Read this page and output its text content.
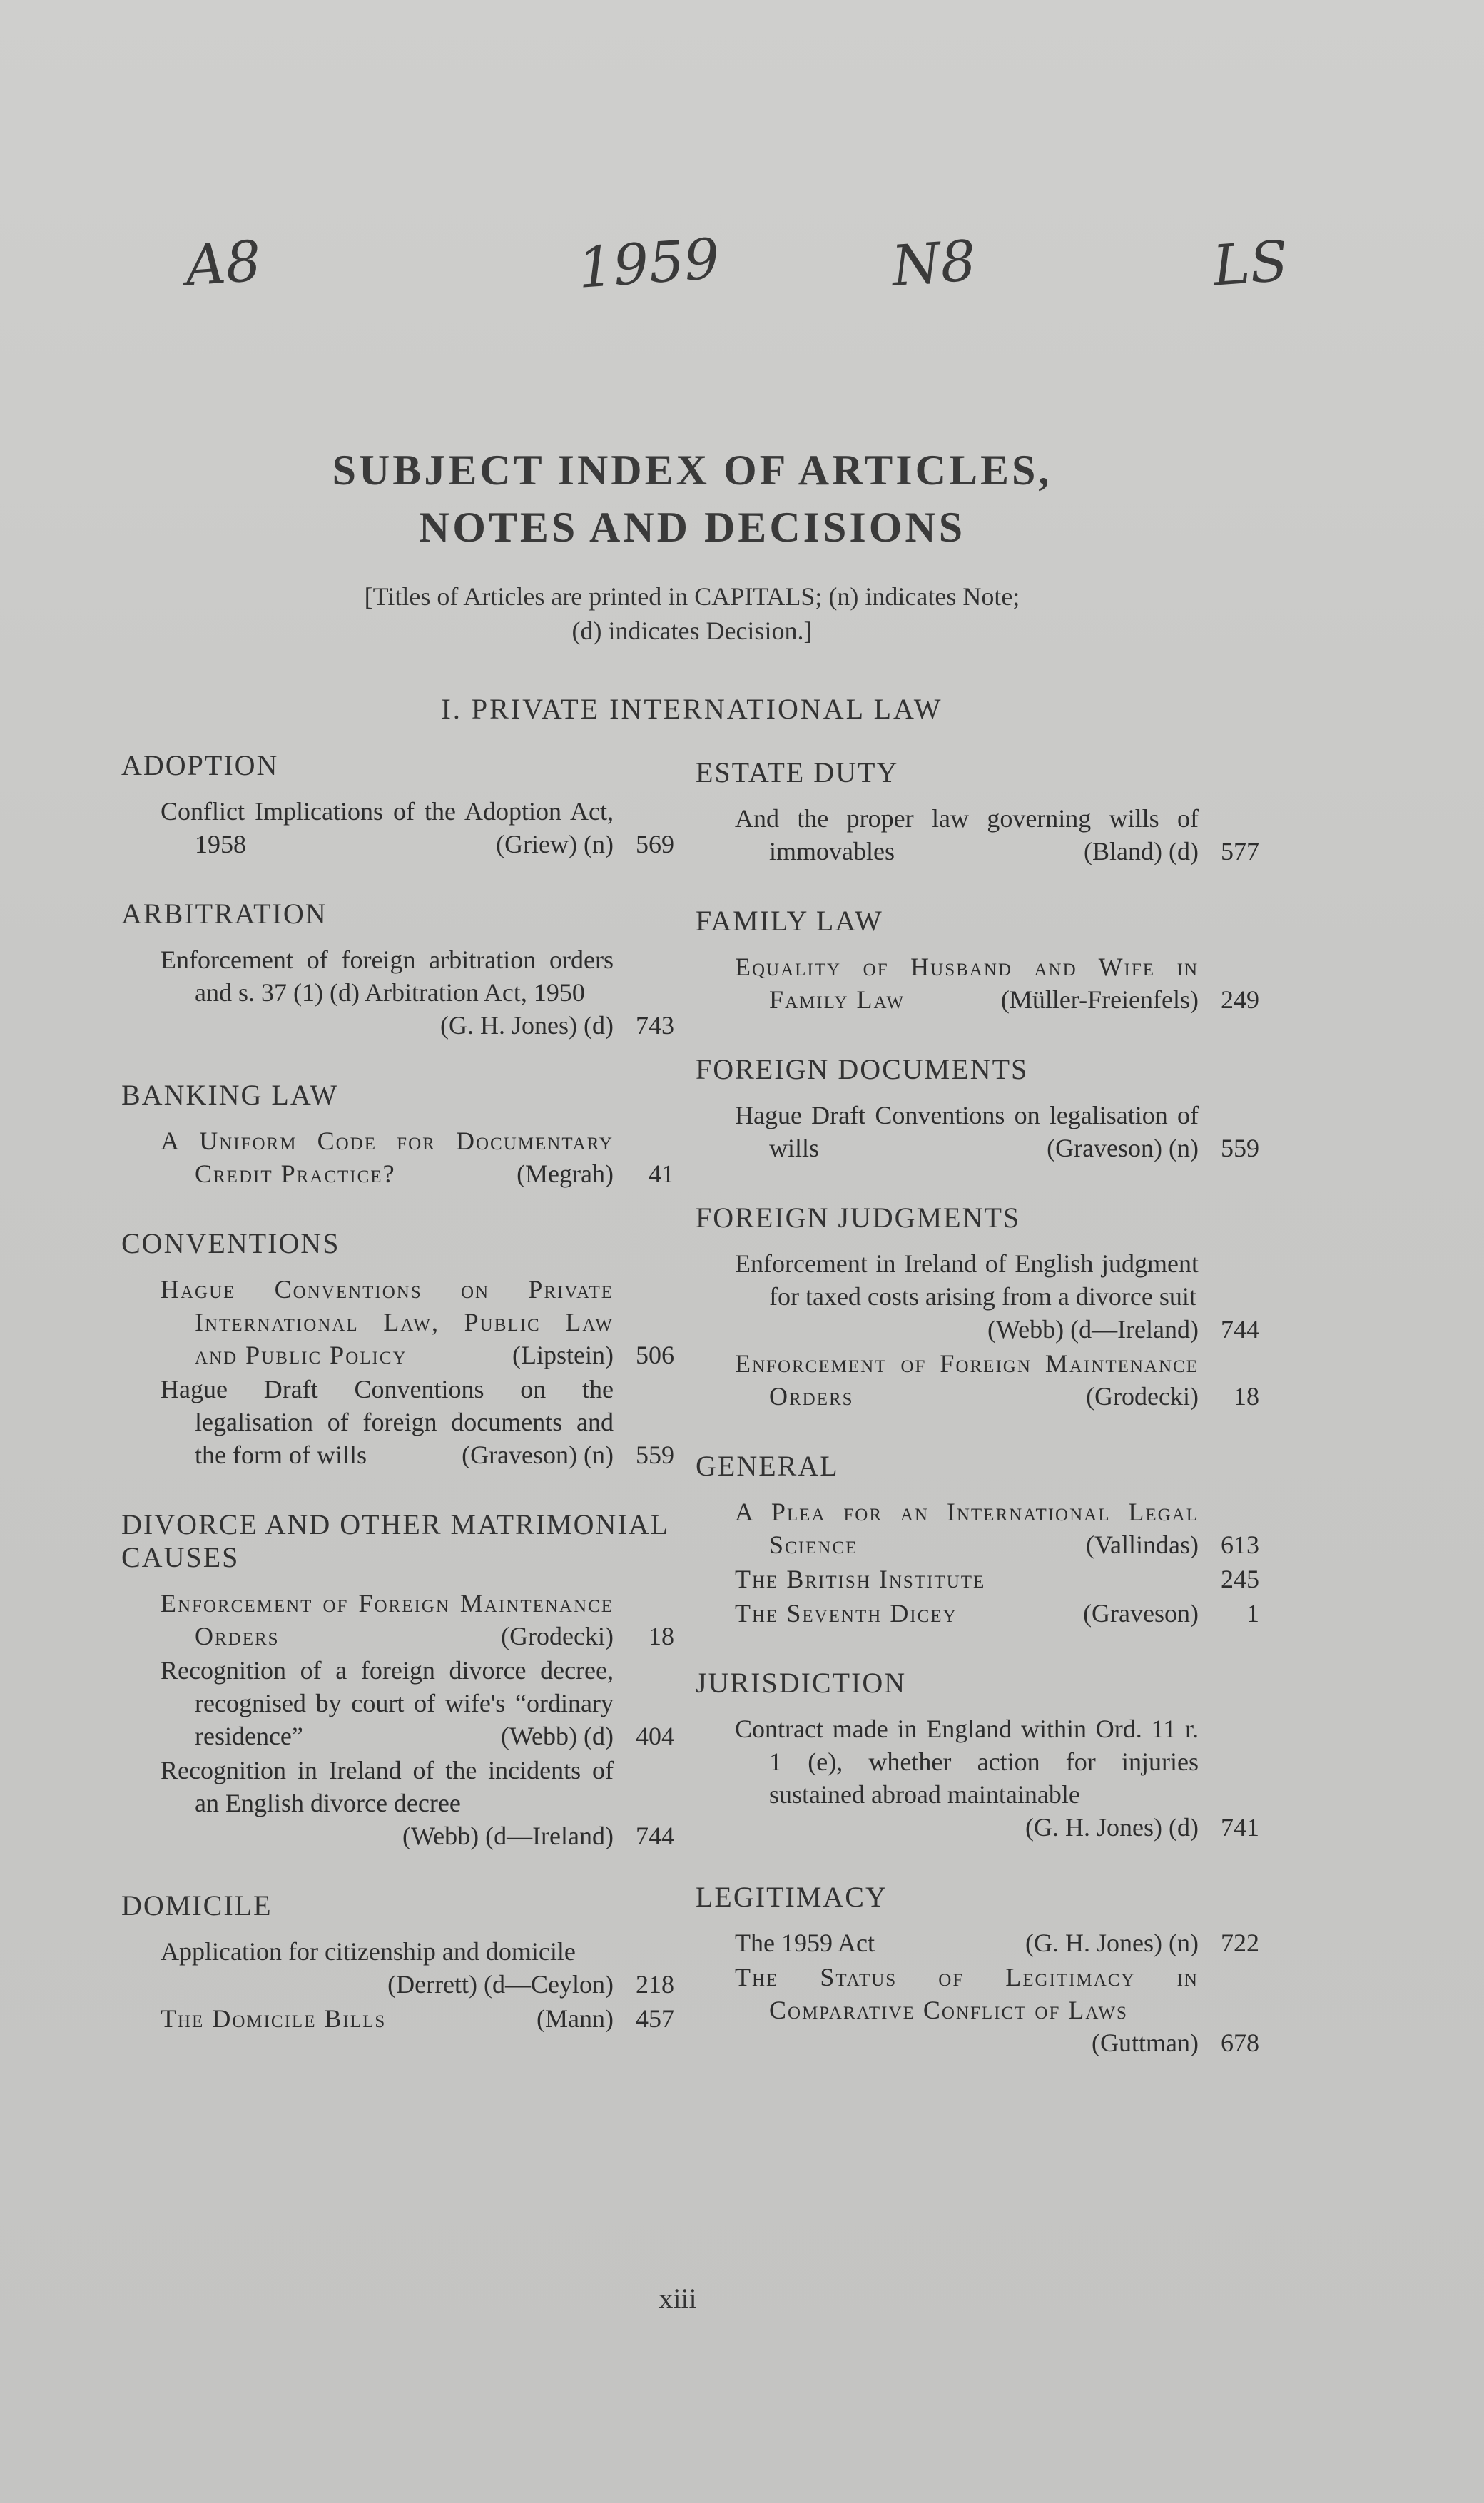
A8	1959	N8	LS
SUBJECT INDEX OF ARTICLES,
NOTES AND DECISIONS
[Titles of Articles are printed in CAPITALS; (n) indicates Note;
(d) indicates Decision.]
I. PRIVATE INTERNATIONAL LAW
ADOPTION
Conflict Implications of the Adoption Act, 1958	(Griew) (n) 569
ARBITRATION
Enforcement of foreign arbitration orders and s. 37 (1) (d) Arbitration Act, 1950
(G. H. Jones) (d) 743
BANKING LAW
A Uniform Code for Documentary Credit Practice?	(Megrah)	41
CONVENTIONS
Hague Conventions on Private International Law, Public Law and Public Policy	(Lipstein) 506
Hague Draft Conventions on the legalisation of foreign documents and the form of wills	(Graveson) (n) 559
DIVORCE AND OTHER MATRIMONIAL CAUSES
Enforcement of Foreign Maintenance Orders	(Grodecki)	18
Recognition of a foreign divorce decree, recognised by court of wife's “ordinary residence”	(Webb) (d) 404
Recognition in Ireland of the incidents of an English divorce decree
(Webb) (d—Ireland) 744
DOMICILE
Application for citizenship and domicile
(Derrett) (d—Ceylon) 218
The Domicile Bills	(Mann) 457
ESTATE DUTY
And the proper law governing wills of immovables	(Bland) (d) 577
FAMILY LAW
Equality of Husband and Wife in Family Law	(Müller-Freienfels) 249
FOREIGN DOCUMENTS
Hague Draft Conventions on legalisation of wills	(Graveson) (n) 559
FOREIGN JUDGMENTS
Enforcement in Ireland of English judgment for taxed costs arising from a divorce suit
(Webb) (d—Ireland) 744
Enforcement of Foreign Maintenance Orders	(Grodecki)	18
GENERAL
A Plea for an International Legal Science	(Vallindas) 613
The British Institute	245
The Seventh Dicey	(Graveson)	1
JURISDICTION
Contract made in England within Ord. 11 r. 1 (e), whether action for injuries sustained abroad maintainable
(G. H. Jones) (d) 741
LEGITIMACY
The 1959 Act	(G. H. Jones) (n) 722
The Status of Legitimacy in Comparative Conflict of Laws
(Guttman) 678
xiii
